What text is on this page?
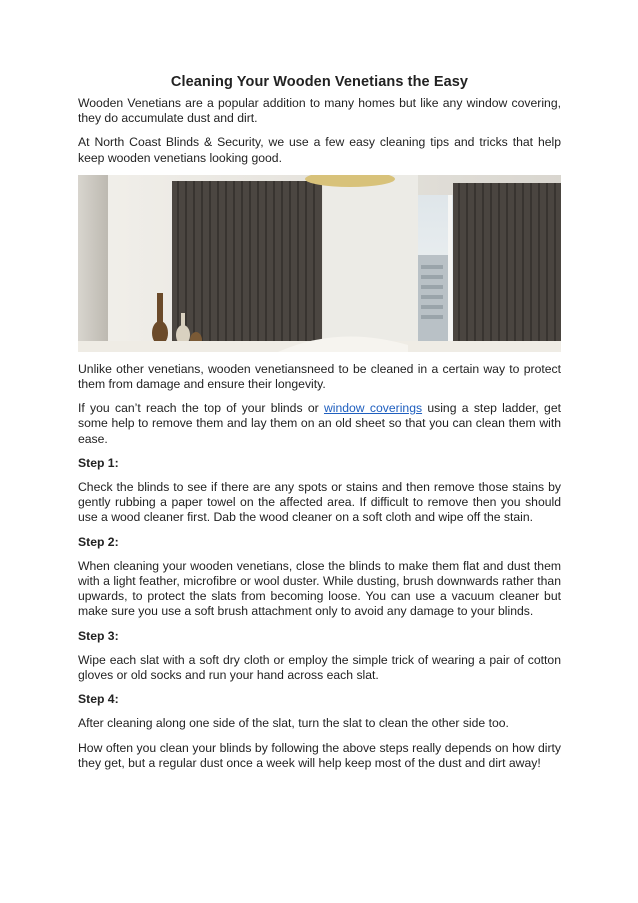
Cleaning Your Wooden Venetians the Easy

Wooden Venetians are a popular addition to many homes but like any window covering, they do accumulate dust and dirt.

At North Coast Blinds & Security, we use a few easy cleaning tips and tricks that help keep wooden venetians looking good.

Unlike other venetians, wooden venetiansneed to be cleaned in a certain way to protect them from damage and ensure their longevity.

If you can’t reach the top of your blinds or window coverings using a step ladder, get some help to remove them and lay them on an old sheet so that you can clean them with ease.

Step 1:

Check the blinds to see if there are any spots or stains and then remove those stains by gently rubbing a paper towel on the affected area. If difficult to remove then you should use a wood cleaner first. Dab the wood cleaner on a soft cloth and wipe off the stain.

Step 2:

When cleaning your wooden venetians, close the blinds to make them flat and dust them with a light feather, microfibre or wool duster. While dusting, brush downwards rather than upwards, to protect the slats from becoming loose. You can use a vacuum cleaner but make sure you use a soft brush attachment only to avoid any damage to your blinds.

Step 3:

Wipe each slat with a soft dry cloth or employ the simple trick of wearing a pair of cotton gloves or old socks and run your hand across each slat.

Step 4:

After cleaning along one side of the slat, turn the slat to clean the other side too.

How often you clean your blinds by following the above steps really depends on how dirty they get, but a regular dust once a week will help keep most of the dust and dirt away!
